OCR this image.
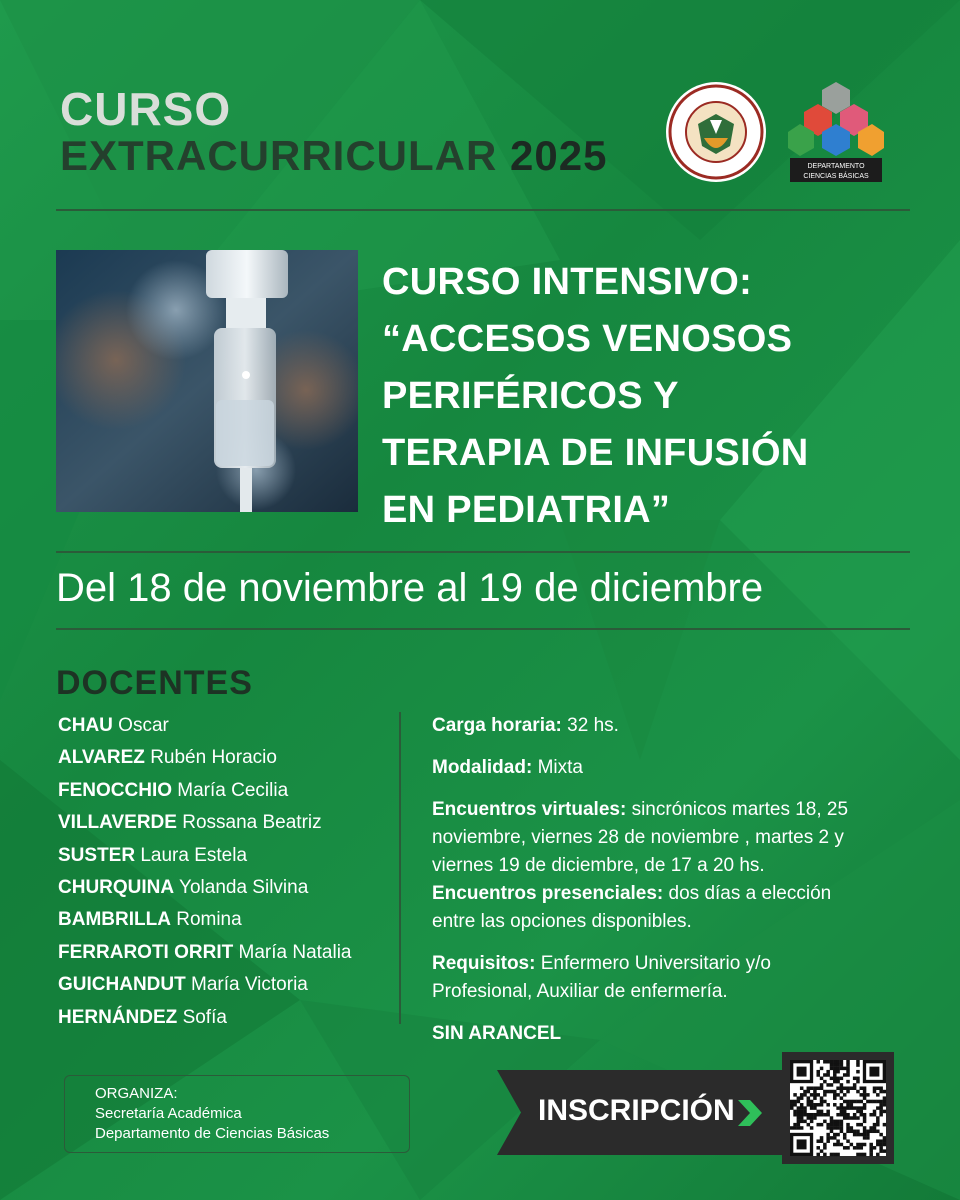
CURSO
EXTRACURRICULAR 2025	DEPARTAMENTO
CIENCIAS BÁSICAS
CURSO INTENSIVO:
“ACCESOS VENOSOS
PERIFÉRICOS Y
TERAPIA DE INFUSIÓN
EN PEDIATRIA”
Del 18 de noviembre al 19 de diciembre
DOCENTES
CHAU Oscar
ALVAREZ Rubén Horacio
FENOCCHIO María Cecilia
VILLAVERDE Rossana Beatriz
SUSTER Laura Estela
CHURQUINA Yolanda Silvina
BAMBRILLA Romina
FERRAROTI ORRIT María Natalia
GUICHANDUT María Victoria
HERNÁNDEZ Sofía

Carga horaria: 32 hs.

Modalidad: Mixta

Encuentros virtuales: sincrónicos martes 18, 25
noviembre, viernes 28 de noviembre , martes 2 y
viernes 19 de diciembre, de 17 a 20 hs.

Encuentros presenciales: dos días a elección
entre las opciones disponibles.

Requisitos: Enfermero Universitario y/o
Profesional, Auxiliar de enfermería.

SIN ARANCEL

ORGANIZA:
Secretaría Académica
Departamento de Ciencias Básicas
INSCRIPCIÓN
